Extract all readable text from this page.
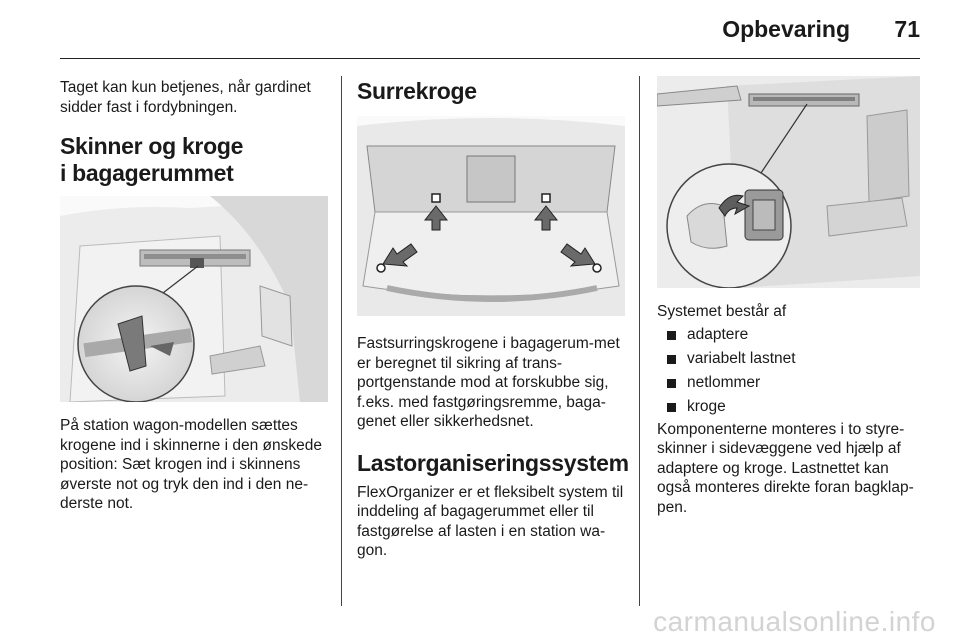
Opbevaring	71

Taget kan kun betjenes, når gardinet sidder fast i fordybningen.

Skinner og kroge
i bagagerummet

På station wagon-modellen sættes krogene ind i skinnerne i den ønskede position: Sæt krogen ind i skinnens øverste not og tryk den ind i den ne-derste not.

Surrekroge

Fastsurringskrogene i bagagerum-met er beregnet til sikring af trans-portgenstande mod at forskubbe sig, f.eks. med fastgøringsremme, baga-genet eller sikkerhedsnet.

Lastorganiseringssystem

FlexOrganizer er et fleksibelt system til inddeling af bagagerummet eller til fastgørelse af lasten i en station wa-gon.

Systemet består af

adaptere
variabelt lastnet
netlommer
kroge

Komponenterne monteres i to styre-skinner i sidevæggene ved hjælp af adaptere og kroge. Lastnettet kan også monteres direkte foran bagklap-pen.

carmanualsonline.info
